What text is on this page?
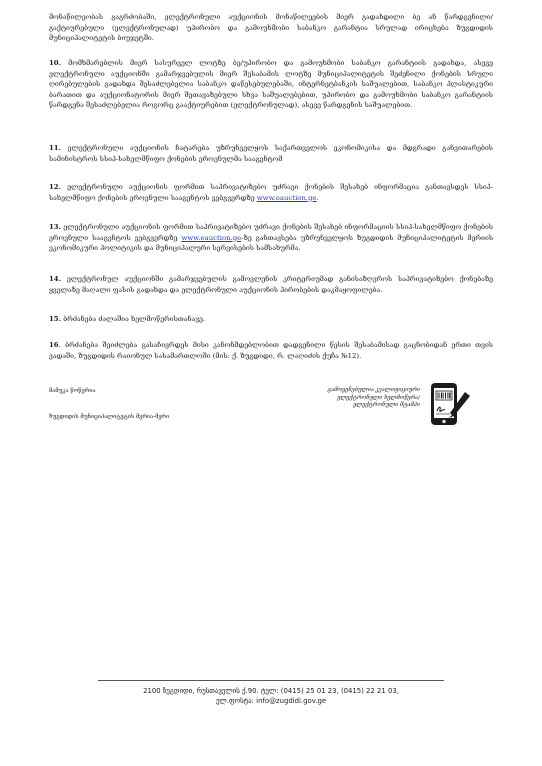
მონაწილეობას გაგრძობაში, ელექტრონული აუქციონის მონაწილეების მიერ გადახდილი ბე ან წარდგენილი/გაქტიურებული (ელექტრონულად) უპირობო და გამოუხმობი საბანკო გარანტია სრულად ირიცხება ზუგდიდის მუნიციპალიტეტის ბიუჯეტში.

10. მომხმარებლის მიერ სასურველ ლოტზე ბე/უპირობო და გამოუხმობი საბანკო გარანტიის გადახდა, ასევე ელექტრონული აუქციონში გამარჯვებულის მიერ შესაბამის ლოტზე მუნიციპალიტეტის შეძენილი ქონების სრული ღირებულების გადახდა შესაძლებელია საბანკო დაწესებულებაში, ინტერნეტბანკის საშუალებით, საბანკო პლასტიკური ბარათით და აუქციონატორის მიერ შეთავაზებული სხვა საშუალებებით, უპირობო და გამოუხმობი საბანკო გარანტიის წარდგენა შესაძლებელია როგორც გააქტიურებით (ელექტრონულად), ასევე წარდგენის საშუალებით.

11. ელექტრონული აუქციონის ჩატარება უზრუნველყოს საქართველოს ეკონომიკისა და მდგრადი განვითარების სამინისტროს სსიპ-სახელმწიფო ქონების ეროვნულმა სააგენტომ

12. ელექტრონული აუქციონის ფორმით საპრივატიზებო უძრავი ქონების შესახებ ინფორმაცია განთავსდეს სსიპ-სახელმწიფო ქონების ეროვნული სააგენტოს ვებგვერდზე www.eauction.ge.

13. ელექტრონული აუქციონის ფორმით საპრივატიზებო უძრავი ქონების შესახებ ინფორმაციის სსიპ-სახელმწიფო ქონების ეროვნული სააგენტოს ვებგვერდზე www.eauction.ge-ზე განთავსება უზრუნველყოს ზუგდიდის მუნიციპალიტეტის მერიის ეკონომიკური პოლიტიკის და მუნიციპალური სერვისების სამსახურმა.

14. ელექტრონულ აუქციონში გამარჯვებულის გამოვლენის კრიტერიუმად განისაზღვროს საპრივატიზებო ქონებაზე ყველაზე მაღალი ფასის გადახდა და ელექტრონული აუქციონის პირობების დაკმაყოფილება.

15. ბრძანება ძალაშია ხელმოწერისთანავე.

16. ბრძანება შეიძლება გასაჩივრდეს მისი კანონმდებლობით დადგენილი წესის შესაბამისად გაცნობიდან ერთი თვის ვადაში, ზუგდიდის რაიონულ სასამართლოში (მის: ქ. ზუგდიდი, რ. ლაღიძის ქუჩა №12).

მამუკა წოწერია	გამოყენებულია კვალიფიციური
ელექტრონული ხელმოწერა/
ელექტრონული შტამპი
ზუგდიდის მუნიციპალიტეტის მერია-მერი
2100 ზუგდიდი, რუსთაველის ქ.90. ტელ: (0415) 25 01 23, (0415) 22 21 03,
ელ.ფოსტა: info@zugdidi.gov.ge
